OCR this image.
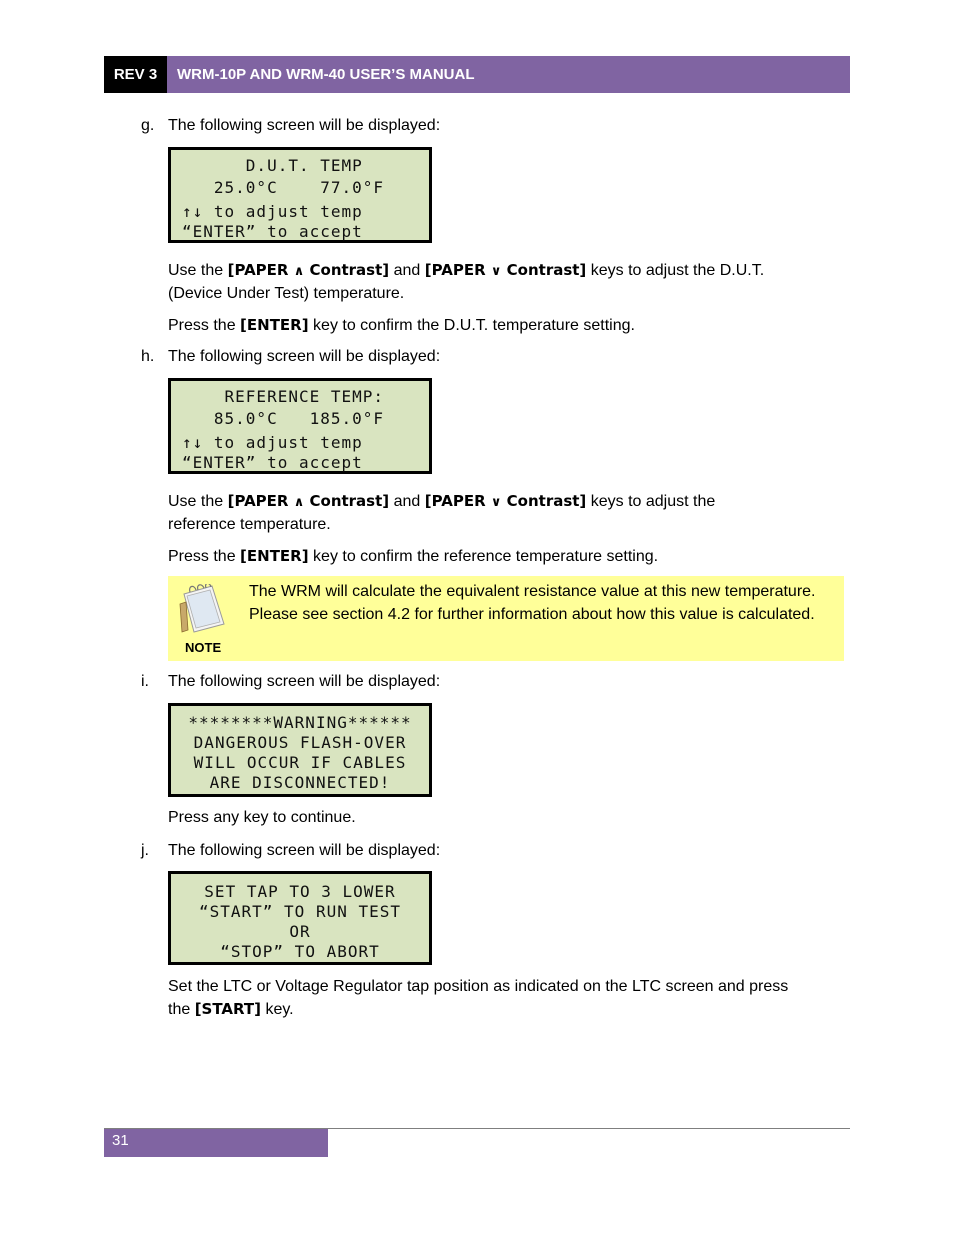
REV 3	WRM-10P AND WRM-40 USER’S MANUAL
g. The following screen will be displayed:
D.U.T. TEMP
25.0°C    77.0°F
↑↓ to adjust temp
“ENTER” to accept
Use the [PAPER ∧ Contrast] and [PAPER ∨ Contrast] keys to adjust the D.U.T.
(Device Under Test) temperature.
Press the [ENTER] key to confirm the D.U.T. temperature setting.
h. The following screen will be displayed:
REFERENCE TEMP:
85.0°C   185.0°F
↑↓ to adjust temp
“ENTER” to accept
Use the [PAPER ∧ Contrast] and [PAPER ∨ Contrast] keys to adjust the
reference temperature.
Press the [ENTER] key to confirm the reference temperature setting.
NOTE
The WRM will calculate the equivalent resistance value at this new temperature. Please see section 4.2 for further information about how this value is calculated.
i. The following screen will be displayed:
********WARNING******
DANGEROUS FLASH-OVER
WILL OCCUR IF CABLES
ARE DISCONNECTED!
Press any key to continue.
j. The following screen will be displayed:
SET TAP TO 3 LOWER
“START” TO RUN TEST
OR
“STOP” TO ABORT
Set the LTC or Voltage Regulator tap position as indicated on the LTC screen and press
the [START] key.
31
